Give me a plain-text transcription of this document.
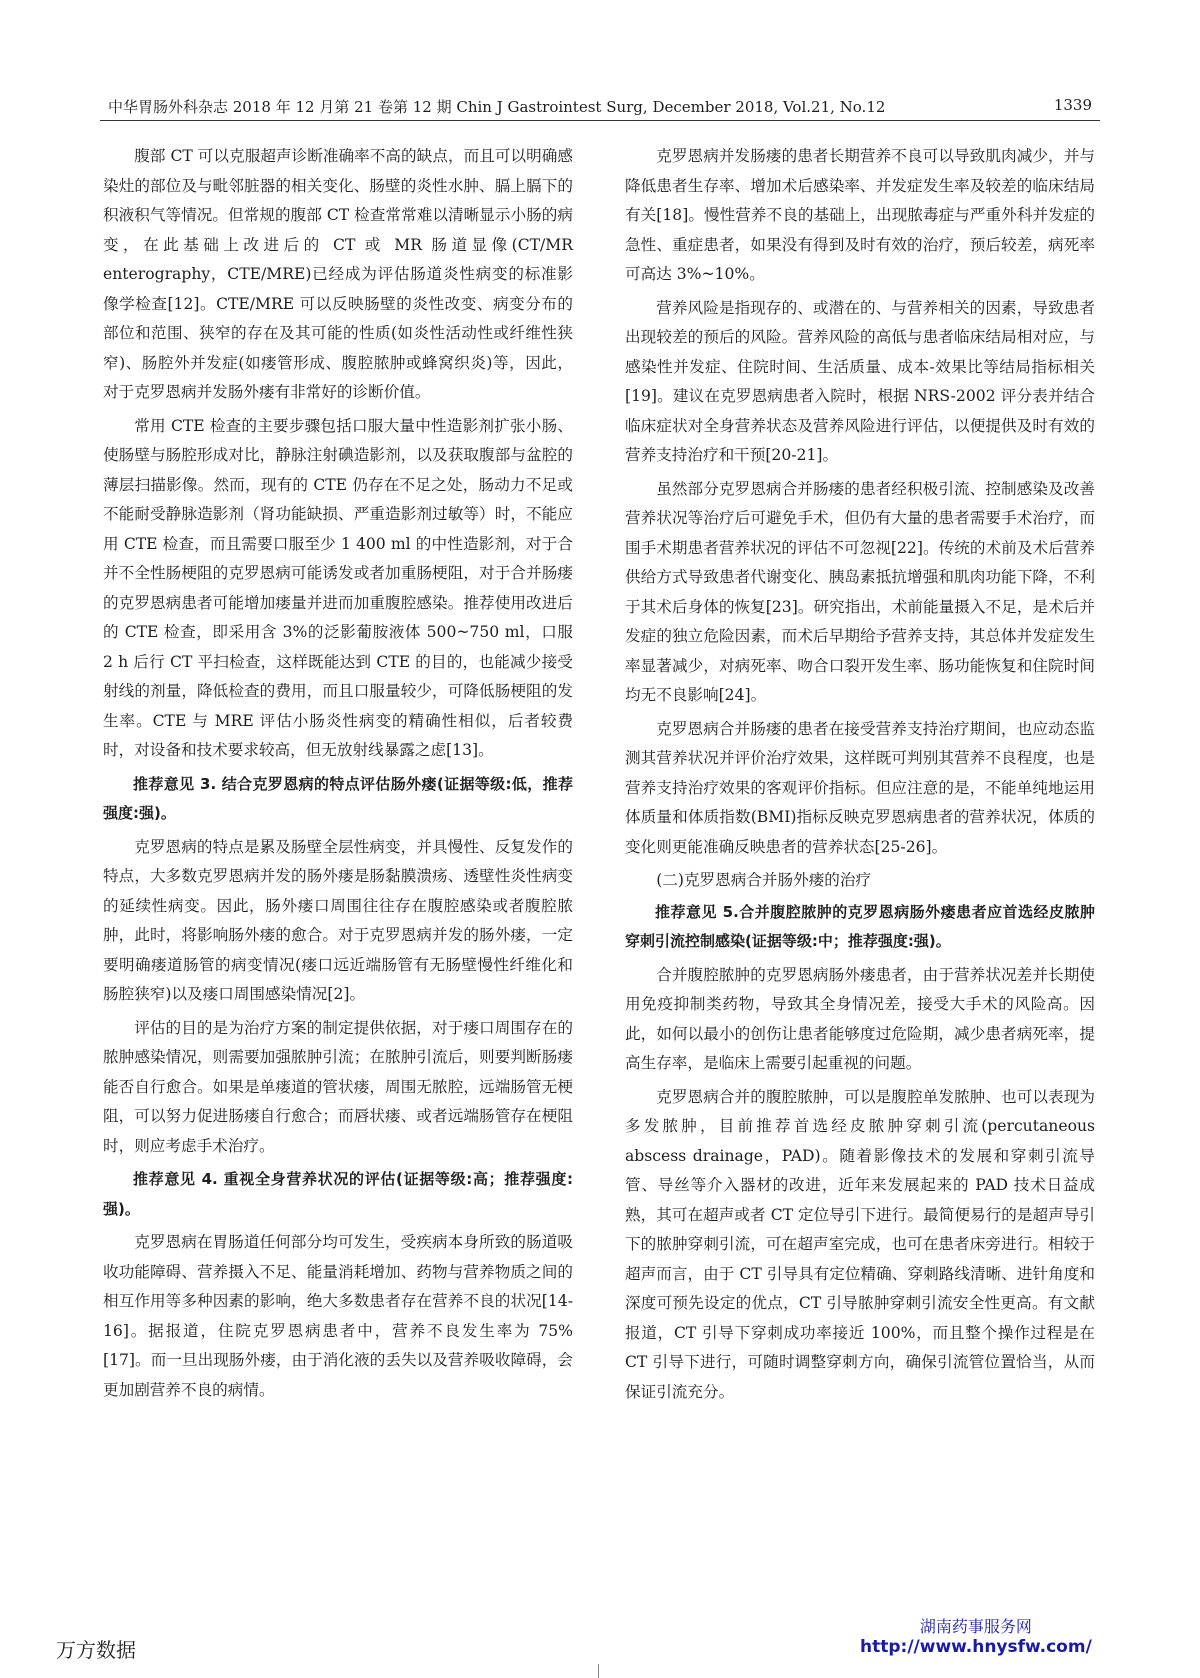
中华胃肠外科杂志 2018 年 12 月第 21 卷第 12 期 Chin J Gastrointest Surg, December 2018, Vol.21, No.12	1339

腹部 CT 可以克服超声诊断准确率不高的缺点，而且可以明确感染灶的部位及与毗邻脏器的相关变化、肠壁的炎性水肿、膈上膈下的积液积气等情况。但常规的腹部 CT 检查常常难以清晰显示小肠的病变，在此基础上改进后的 CT 或 MR 肠道显像(CT/MR enterography，CTE/MRE)已经成为评估肠道炎性病变的标准影像学检查[12]。CTE/MRE 可以反映肠壁的炎性改变、病变分布的部位和范围、狭窄的存在及其可能的性质(如炎性活动性或纤维性狭窄)、肠腔外并发症(如瘘管形成、腹腔脓肿或蜂窝织炎)等，因此，对于克罗恩病并发肠外瘘有非常好的诊断价值。

常用 CTE 检查的主要步骤包括口服大量中性造影剂扩张小肠、使肠壁与肠腔形成对比，静脉注射碘造影剂，以及获取腹部与盆腔的薄层扫描影像。然而，现有的 CTE 仍存在不足之处，肠动力不足或不能耐受静脉造影剂（肾功能缺损、严重造影剂过敏等）时，不能应用 CTE 检查，而且需要口服至少 1 400 ml 的中性造影剂，对于合并不全性肠梗阻的克罗恩病可能诱发或者加重肠梗阻，对于合并肠瘘的克罗恩病患者可能增加瘘量并进而加重腹腔感染。推荐使用改进后的 CTE 检查，即采用含 3%的泛影葡胺液体 500~750 ml，口服 2 h 后行 CT 平扫检查，这样既能达到 CTE 的目的，也能减少接受射线的剂量，降低检查的费用，而且口服量较少，可降低肠梗阻的发生率。CTE 与 MRE 评估小肠炎性病变的精确性相似，后者较费时，对设备和技术要求较高，但无放射线暴露之虑[13]。

推荐意见 3. 结合克罗恩病的特点评估肠外瘘(证据等级:低，推荐强度:强)。

克罗恩病的特点是累及肠壁全层性病变，并具慢性、反复发作的特点，大多数克罗恩病并发的肠外瘘是肠黏膜溃疡、透壁性炎性病变的延续性病变。因此，肠外瘘口周围往往存在腹腔感染或者腹腔脓肿，此时，将影响肠外瘘的愈合。对于克罗恩病并发的肠外瘘，一定要明确瘘道肠管的病变情况(瘘口远近端肠管有无肠壁慢性纤维化和肠腔狭窄)以及瘘口周围感染情况[2]。

评估的目的是为治疗方案的制定提供依据，对于瘘口周围存在的脓肿感染情况，则需要加强脓肿引流；在脓肿引流后，则要判断肠瘘能否自行愈合。如果是单瘘道的管状瘘，周围无脓腔，远端肠管无梗阻，可以努力促进肠瘘自行愈合；而唇状瘘、或者远端肠管存在梗阻时，则应考虑手术治疗。

推荐意见 4. 重视全身营养状况的评估(证据等级:高；推荐强度:强)。

克罗恩病在胃肠道任何部分均可发生，受疾病本身所致的肠道吸收功能障碍、营养摄入不足、能量消耗增加、药物与营养物质之间的相互作用等多种因素的影响，绝大多数患者存在营养不良的状况[14-16]。据报道，住院克罗恩病患者中，营养不良发生率为 75%[17]。而一旦出现肠外瘘，由于消化液的丢失以及营养吸收障碍，会更加剧营养不良的病情。

克罗恩病并发肠瘘的患者长期营养不良可以导致肌肉减少，并与降低患者生存率、增加术后感染率、并发症发生率及较差的临床结局有关[18]。慢性营养不良的基础上，出现脓毒症与严重外科并发症的急性、重症患者，如果没有得到及时有效的治疗，预后较差，病死率可高达 3%~10%。

营养风险是指现存的、或潜在的、与营养相关的因素，导致患者出现较差的预后的风险。营养风险的高低与患者临床结局相对应，与感染性并发症、住院时间、生活质量、成本-效果比等结局指标相关[19]。建议在克罗恩病患者入院时，根据 NRS-2002 评分表并结合临床症状对全身营养状态及营养风险进行评估，以便提供及时有效的营养支持治疗和干预[20-21]。

虽然部分克罗恩病合并肠瘘的患者经积极引流、控制感染及改善营养状况等治疗后可避免手术，但仍有大量的患者需要手术治疗，而围手术期患者营养状况的评估不可忽视[22]。传统的术前及术后营养供给方式导致患者代谢变化、胰岛素抵抗增强和肌肉功能下降，不利于其术后身体的恢复[23]。研究指出，术前能量摄入不足，是术后并发症的独立危险因素，而术后早期给予营养支持，其总体并发症发生率显著减少，对病死率、吻合口裂开发生率、肠功能恢复和住院时间均无不良影响[24]。

克罗恩病合并肠瘘的患者在接受营养支持治疗期间，也应动态监测其营养状况并评价治疗效果，这样既可判别其营养不良程度，也是营养支持治疗效果的客观评价指标。但应注意的是，不能单纯地运用体质量和体质指数(BMI)指标反映克罗恩病患者的营养状况，体质的变化则更能准确反映患者的营养状态[25-26]。

(二)克罗恩病合并肠外瘘的治疗

推荐意见 5.合并腹腔脓肿的克罗恩病肠外瘘患者应首选经皮脓肿穿刺引流控制感染(证据等级:中；推荐强度:强)。

合并腹腔脓肿的克罗恩病肠外瘘患者，由于营养状况差并长期使用免疫抑制类药物，导致其全身情况差，接受大手术的风险高。因此，如何以最小的创伤让患者能够度过危险期，减少患者病死率，提高生存率，是临床上需要引起重视的问题。

克罗恩病合并的腹腔脓肿，可以是腹腔单发脓肿、也可以表现为多发脓肿，目前推荐首选经皮脓肿穿刺引流(percutaneous abscess drainage，PAD)。随着影像技术的发展和穿刺引流导管、导丝等介入器材的改进，近年来发展起来的 PAD 技术日益成熟，其可在超声或者 CT 定位导引下进行。最简便易行的是超声导引下的脓肿穿刺引流，可在超声室完成，也可在患者床旁进行。相较于超声而言，由于 CT 引导具有定位精确、穿刺路线清晰、进针角度和深度可预先设定的优点，CT 引导脓肿穿刺引流安全性更高。有文献报道，CT 引导下穿刺成功率接近 100%，而且整个操作过程是在 CT 引导下进行，可随时调整穿刺方向，确保引流管位置恰当，从而保证引流充分。

万方数据
湖南药事服务网
http://www.hnysfw.com/
